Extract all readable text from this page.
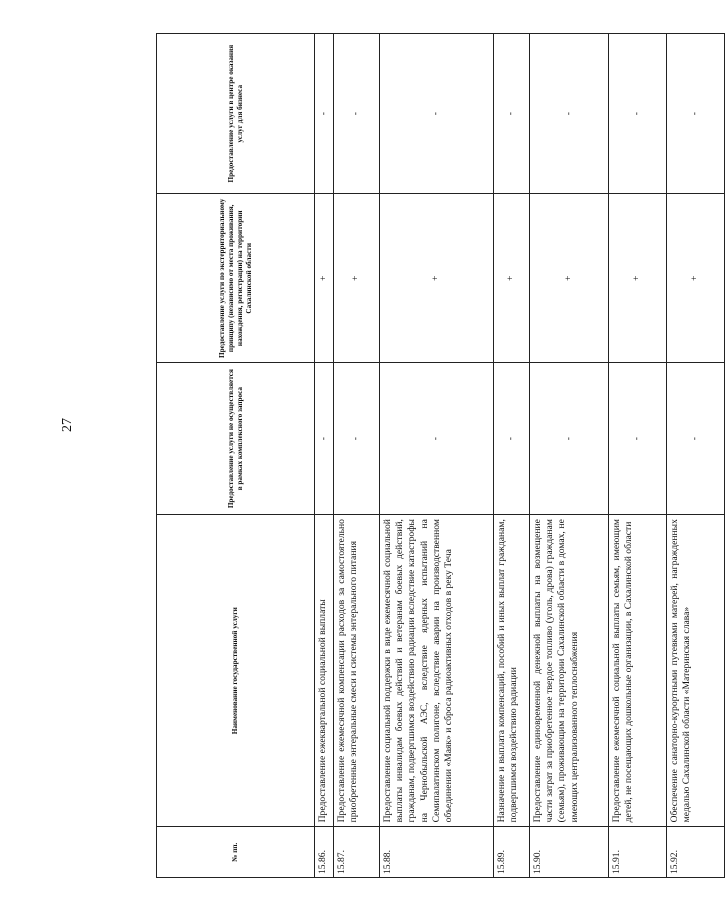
27
№ пп.	Наименование государственной услуги	Предоставление услуги не осуществляется в рамках комплексного запроса	Предоставление услуги по экстерриториальному принципу (независимо от места проживания, нахождения, регистрации) на территории Сахалинской области	Предоставление услуги в центре оказания услуг для бизнеса
15.86.	Предоставление ежеквартальной социальной выплаты	-	+	-
15.87.	Предоставление ежемесячной компенсации расходов за самостоятельно приобретенные энтеральные смеси и системы энтерального питания	-	+	-
15.88.	Предоставление социальной поддержки в виде ежемесячной социальной выплаты инвалидам боевых действий и ветеранам боевых действий, гражданам, подвергшимся воздействию радиации вследствие катастрофы на Чернобыльской АЭС, вследствие ядерных испытаний на Семипалатинском полигоне, вследствие аварии на производственном объединении «Маяк» и сброса радиоактивных отходов в реку Теча	-	+	-
15.89.	Назначение и выплата компенсаций, пособий и иных выплат гражданам, подвергшимся воздействию радиации	-	+	-
15.90.	Предоставление единовременной денежной выплаты на возмещение части затрат за приобретенное твердое топливо (уголь, дрова) гражданам (семьям), проживающим на территории Сахалинской области в домах, не имеющих централизованного теплоснабжения	-	+	-
15.91.	Предоставление ежемесячной социальной выплаты семьям, имеющим детей, не посещающих дошкольные организации, в Сахалинской области	-	+	-
15.92.	Обеспечение санаторно-курортными путевками матерей, награжденных медалью Сахалинской области «Материнская слава»	-	+	-
